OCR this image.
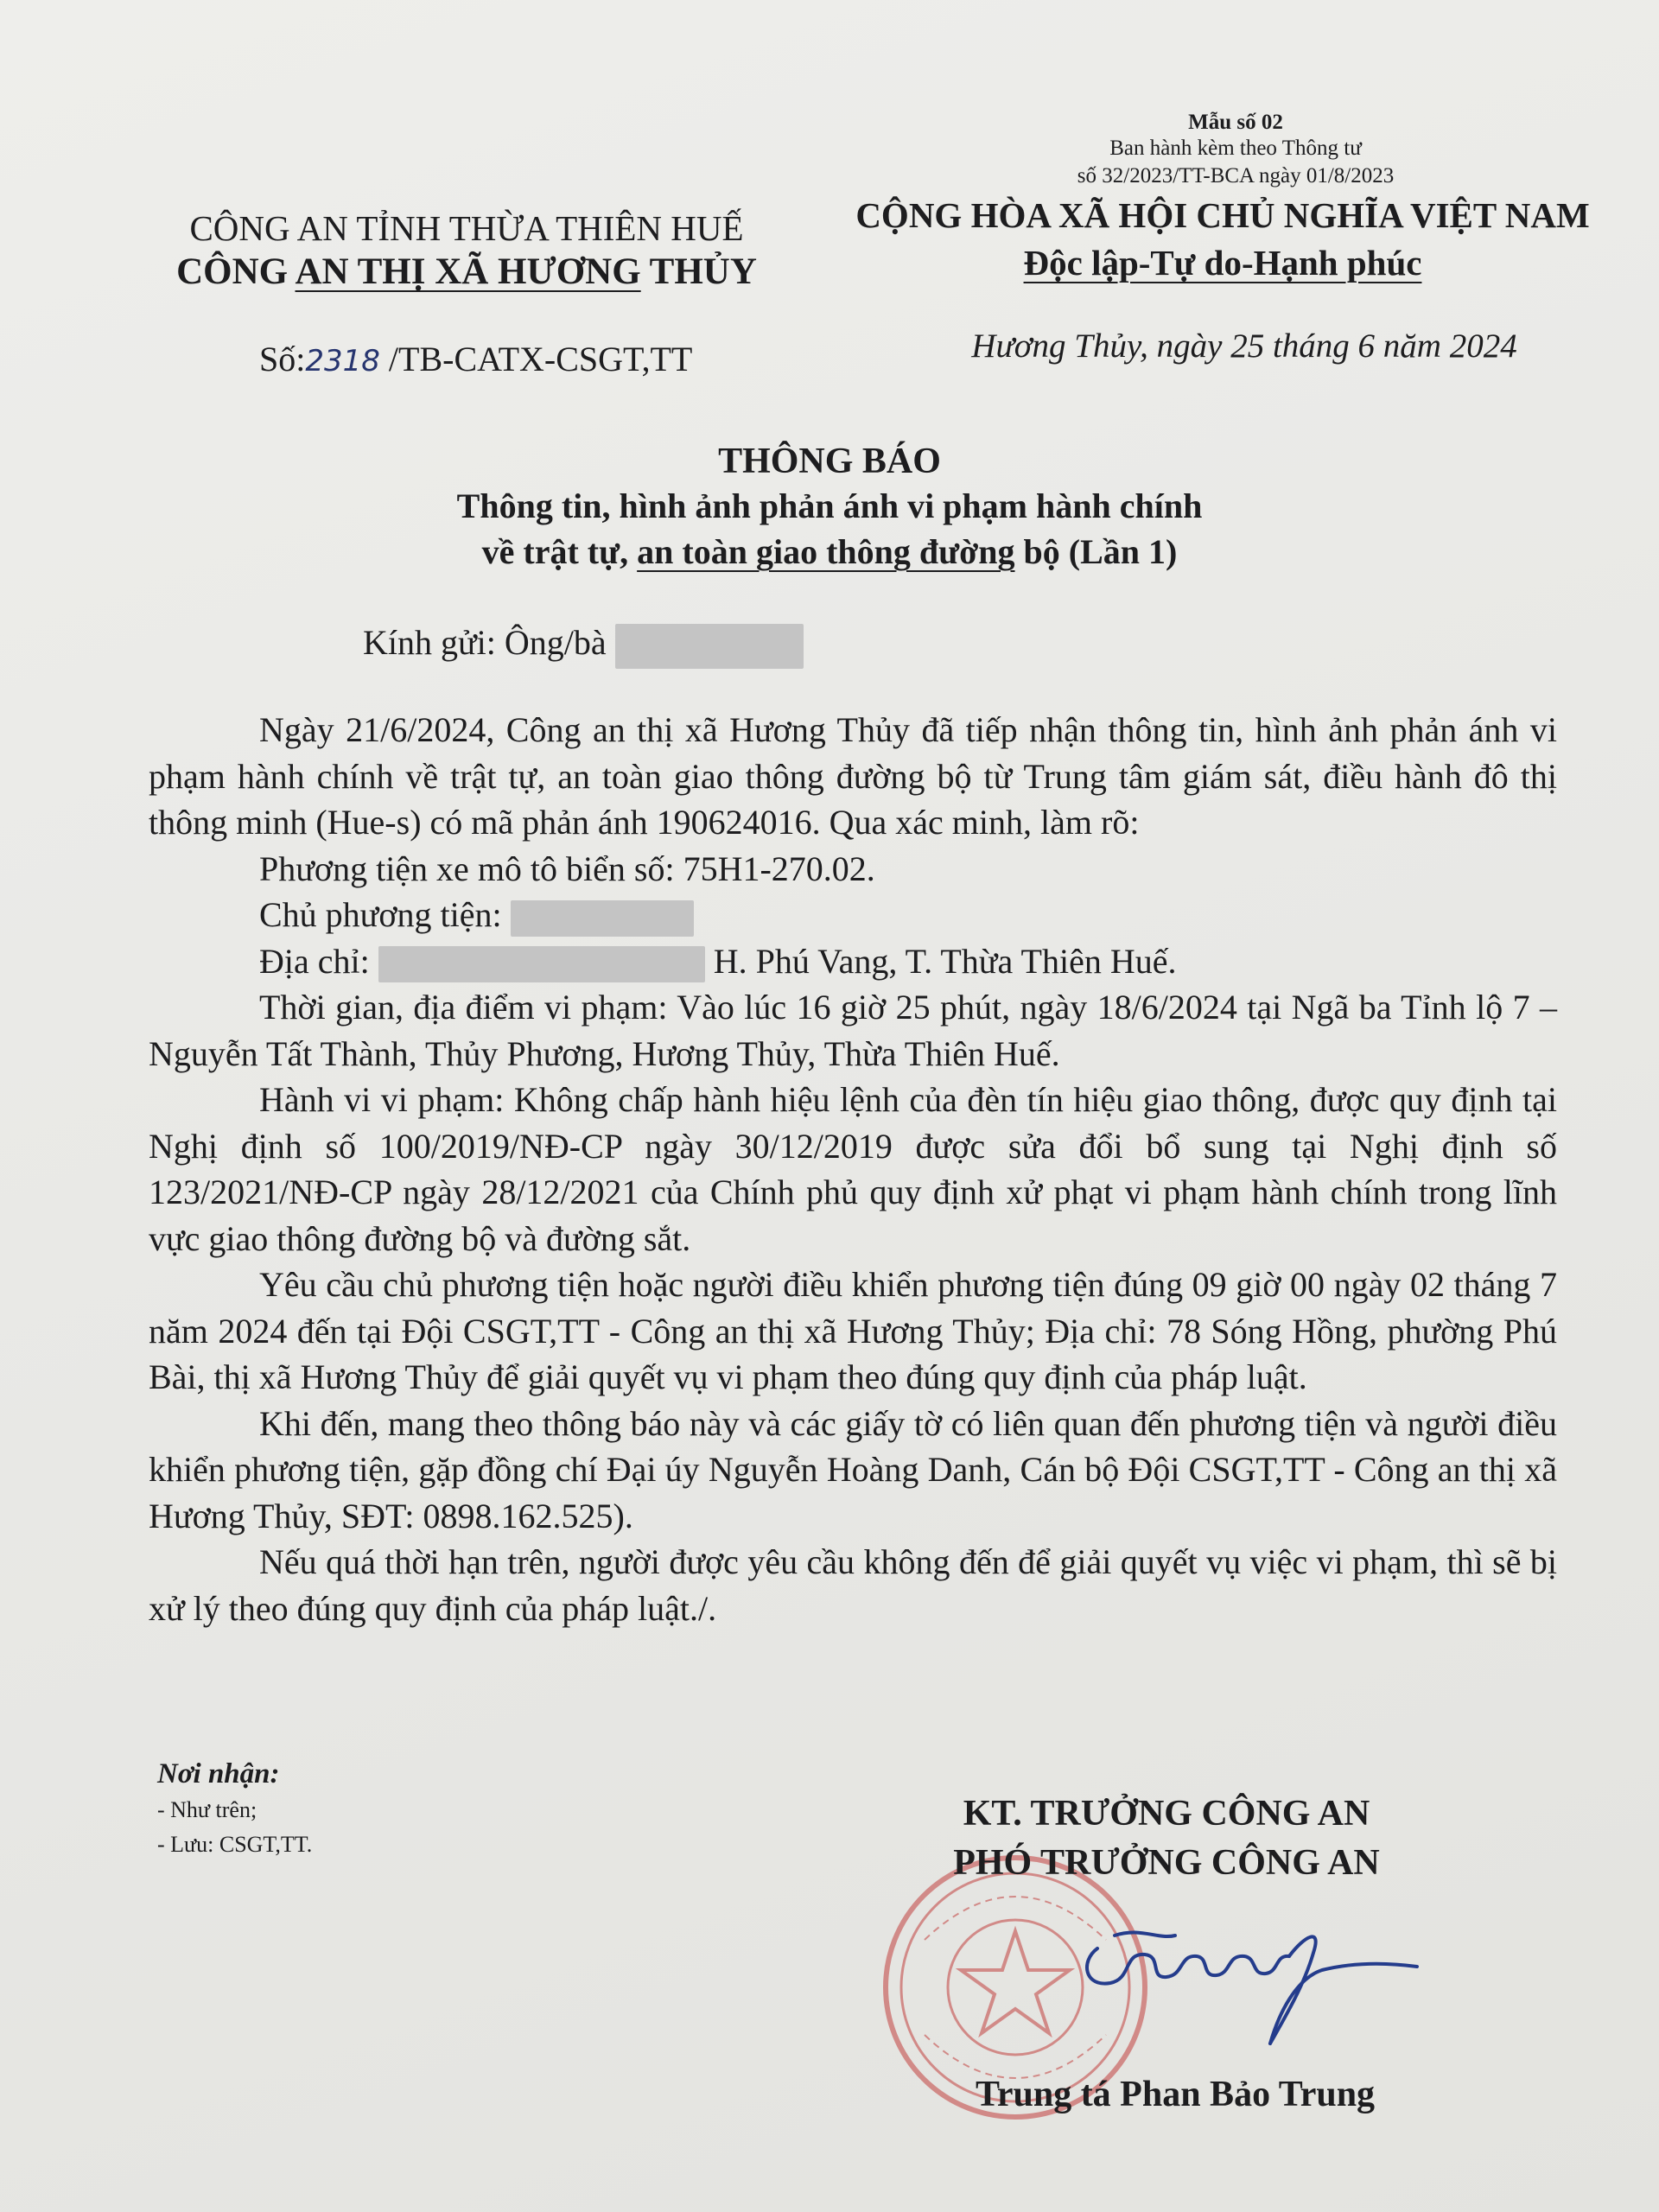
CÔNG AN TỈNH THỪA THIÊN HUẾ
CÔNG AN THỊ XÃ HƯƠNG THỦY
Số:2318 /TB-CATX-CSGT,TT
Mẫu số 02
Ban hành kèm theo Thông tư
số 32/2023/TT-BCA ngày 01/8/2023
CỘNG HÒA XÃ HỘI CHỦ NGHĨA VIỆT NAM
Độc lập-Tự do-Hạnh phúc
Hương Thủy, ngày 25 tháng 6 năm 2024
THÔNG BÁO
Thông tin, hình ảnh phản ánh vi phạm hành chính
về trật tự, an toàn giao thông đường bộ (Lần 1)
Kính gửi: Ông/bà

Ngày 21/6/2024, Công an thị xã Hương Thủy đã tiếp nhận thông tin, hình ảnh phản ánh vi phạm hành chính về trật tự, an toàn giao thông đường bộ từ Trung tâm giám sát, điều hành đô thị thông minh (Hue-s) có mã phản ánh 190624016. Qua xác minh, làm rõ:

Phương tiện xe mô tô biển số: 75H1-270.02.

Chủ phương tiện:

Địa chỉ:	H. Phú Vang, T. Thừa Thiên Huế.

Thời gian, địa điểm vi phạm: Vào lúc 16 giờ 25 phút, ngày 18/6/2024 tại Ngã ba Tỉnh lộ 7 – Nguyễn Tất Thành, Thủy Phương, Hương Thủy, Thừa Thiên Huế.

Hành vi vi phạm: Không chấp hành hiệu lệnh của đèn tín hiệu giao thông, được quy định tại Nghị định số 100/2019/NĐ-CP ngày 30/12/2019 được sửa đổi bổ sung tại Nghị định số 123/2021/NĐ-CP ngày 28/12/2021 của Chính phủ quy định xử phạt vi phạm hành chính trong lĩnh vực giao thông đường bộ và đường sắt.

Yêu cầu chủ phương tiện hoặc người điều khiển phương tiện đúng 09 giờ 00 ngày 02 tháng 7 năm 2024 đến tại Đội CSGT,TT - Công an thị xã Hương Thủy; Địa chỉ: 78 Sóng Hồng, phường Phú Bài, thị xã Hương Thủy để giải quyết vụ vi phạm theo đúng quy định của pháp luật.

Khi đến, mang theo thông báo này và các giấy tờ có liên quan đến phương tiện và người điều khiển phương tiện, gặp đồng chí Đại úy Nguyễn Hoàng Danh, Cán bộ Đội CSGT,TT - Công an thị xã Hương Thủy, SĐT: 0898.162.525).

Nếu quá thời hạn trên, người được yêu cầu không đến để giải quyết vụ việc vi phạm, thì sẽ bị xử lý theo đúng quy định của pháp luật./.

Nơi nhận:
- Như trên;
- Lưu: CSGT,TT.
KT. TRƯỞNG CÔNG AN
PHÓ TRƯỞNG CÔNG AN
Trung tá Phan Bảo Trung
